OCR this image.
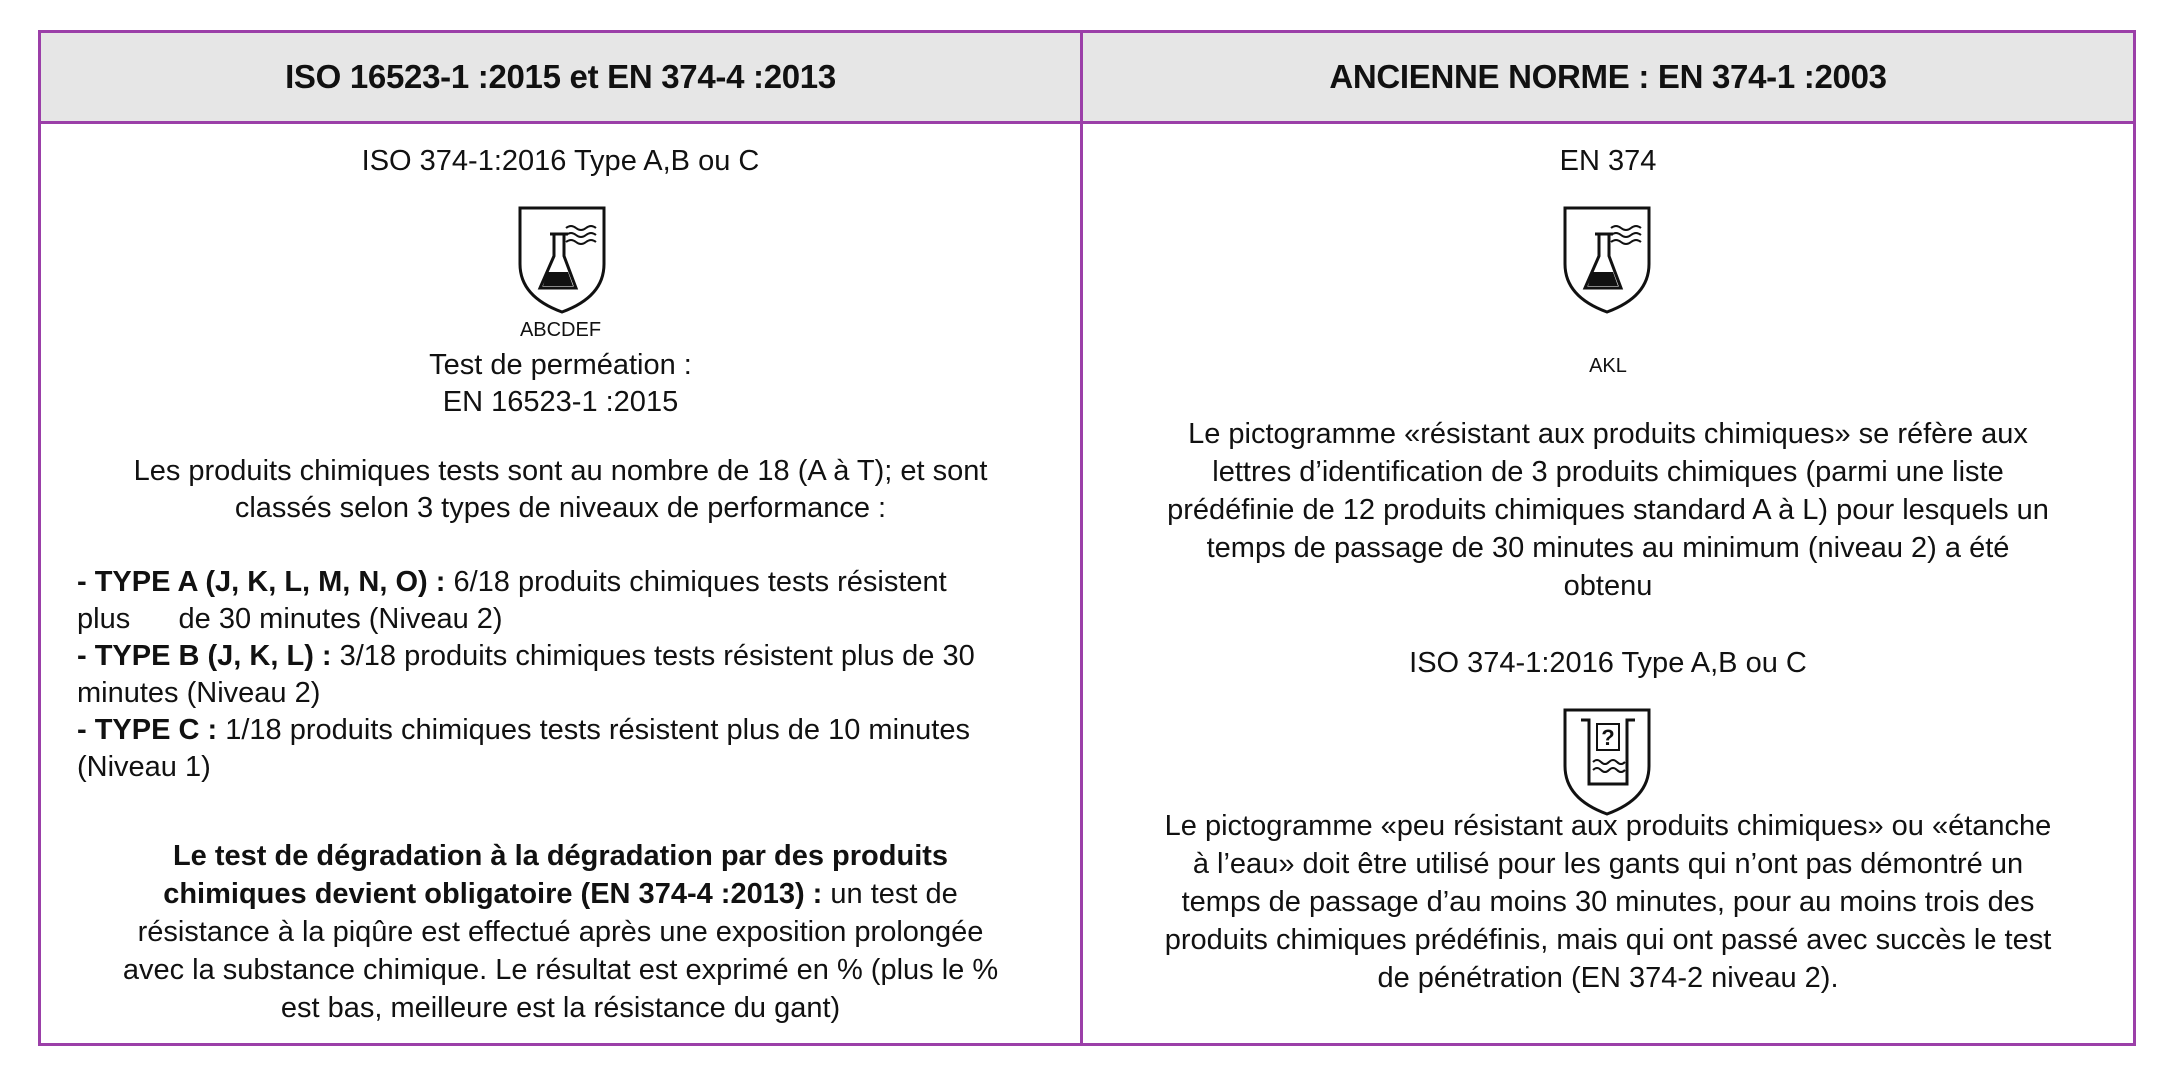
ISO 16523-1 :2015 et EN 374-4 :2013	ANCIENNE NORME : EN 374-1 :2003
ISO 374-1:2016 Type A,B ou C
ABCDEF
Test de perméation :
EN 16523-1 :2015
Les produits chimiques tests sont au nombre de 18 (A à T); et sont
classés selon 3 types de niveaux de performance :
- TYPE A (J, K, L, M, N, O) : 6/18 produits chimiques tests résistent
plus      de 30 minutes (Niveau 2)
- TYPE B (J, K, L) : 3/18 produits chimiques tests résistent plus de 30
minutes (Niveau 2)
- TYPE C : 1/18 produits chimiques tests résistent plus de 10 minutes
(Niveau 1)
Le test de dégradation à la dégradation par des produits
chimiques devient obligatoire (EN 374-4 :2013) : un test de
résistance à la piqûre est effectué après une exposition prolongée
avec la substance chimique. Le résultat est exprimé en % (plus le %
est bas, meilleure est la résistance du gant)
EN 374
AKL
Le pictogramme «résistant aux produits chimiques» se réfère aux
lettres d’identification de 3 produits chimiques (parmi une liste
prédéfinie de 12 produits chimiques standard A à L) pour lesquels un
temps de passage de 30 minutes au minimum (niveau 2) a été
obtenu
ISO 374-1:2016 Type A,B ou C
?
Le pictogramme «peu résistant aux produits chimiques» ou «étanche
à l’eau» doit être utilisé pour les gants qui n’ont pas démontré un
temps de passage d’au moins 30 minutes, pour au moins trois des
produits chimiques prédéfinis, mais qui ont passé avec succès le test
de pénétration (EN 374-2 niveau 2).
